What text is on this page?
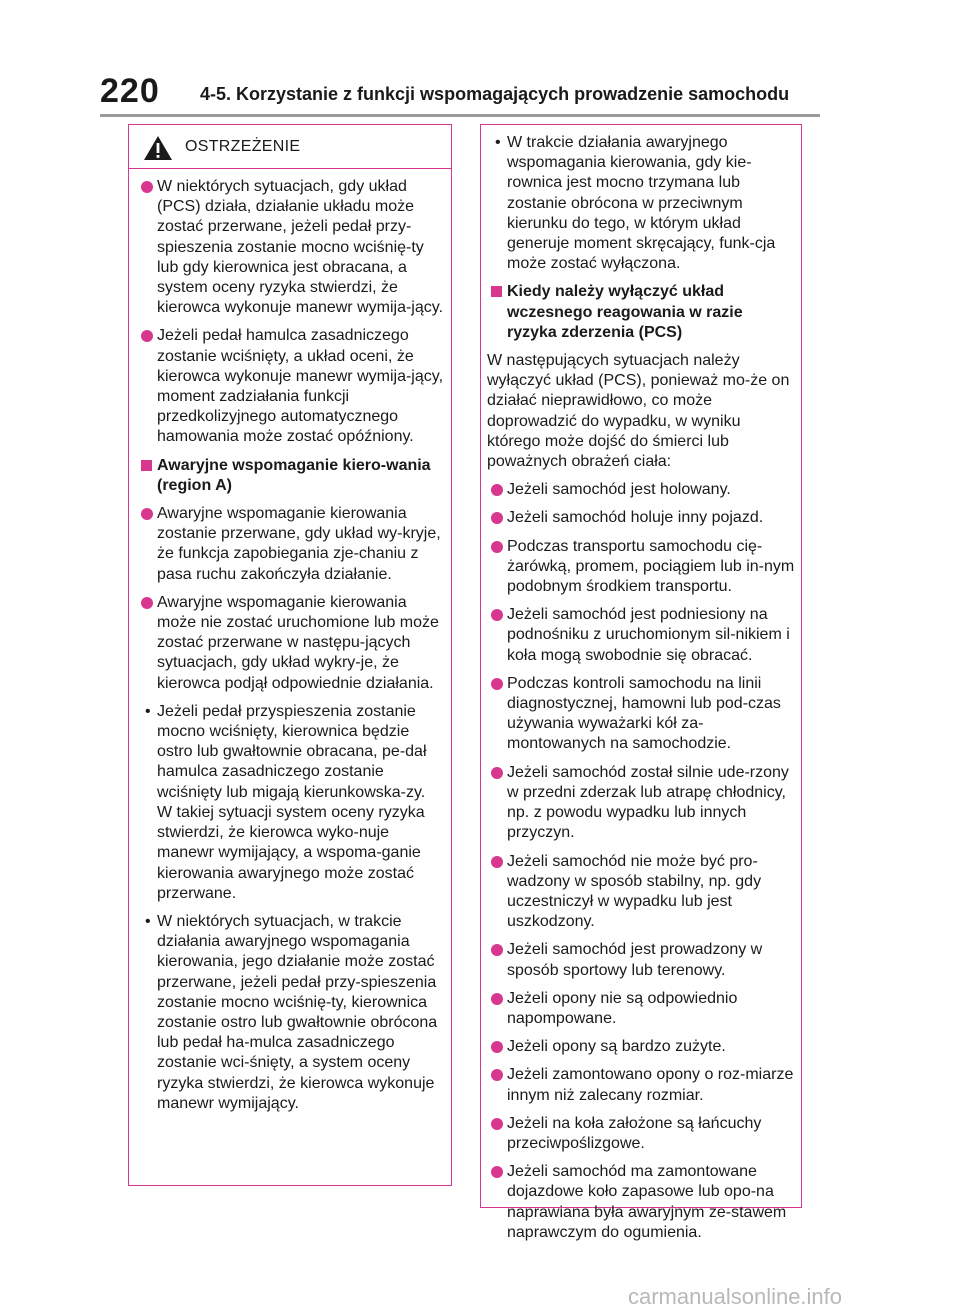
220 4-5. Korzystanie z funkcji wspomagających prowadzenie samochodu
OSTRZEŻENIE
W niektórych sytuacjach, gdy układ (PCS) działa, działanie układu może zostać przerwane, jeżeli pedał przy-spieszenia zostanie mocno wciśnię-ty lub gdy kierownica jest obracana, a system oceny ryzyka stwierdzi, że kierowca wykonuje manewr wymija-jący.
Jeżeli pedał hamulca zasadniczego zostanie wciśnięty, a układ oceni, że kierowca wykonuje manewr wymija-jący, moment zadziałania funkcji przedkolizyjnego automatycznego hamowania może zostać opóźniony.
Awaryjne wspomaganie kiero-wania (region A)
Awaryjne wspomaganie kierowania zostanie przerwane, gdy układ wy-kryje, że funkcja zapobiegania zje-chaniu z pasa ruchu zakończyła działanie.
Awaryjne wspomaganie kierowania może nie zostać uruchomione lub może zostać przerwane w następu-jących sytuacjach, gdy układ wykry-je, że kierowca podjął odpowiednie działania.
• Jeżeli pedał przyspieszenia zostanie mocno wciśnięty, kierownica będzie ostro lub gwałtownie obracana, pe-dał hamulca zasadniczego zostanie wciśnięty lub migają kierunkowska-zy. W takiej sytuacji system oceny ryzyka stwierdzi, że kierowca wyko-nuje manewr wymijający, a wspoma-ganie kierowania awaryjnego może zostać przerwane.
• W niektórych sytuacjach, w trakcie działania awaryjnego wspomagania kierowania, jego działanie może zostać przerwane, jeżeli pedał przy-spieszenia zostanie mocno wciśnię-ty, kierownica zostanie ostro lub gwałtownie obrócona lub pedał ha-mulca zasadniczego zostanie wci-śnięty, a system oceny ryzyka stwierdzi, że kierowca wykonuje manewr wymijający.
• W trakcie działania awaryjnego wspomagania kierowania, gdy kie-rownica jest mocno trzymana lub zostanie obrócona w przeciwnym kierunku do tego, w którym układ generuje moment skręcający, funk-cja może zostać wyłączona.
Kiedy należy wyłączyć układ wczesnego reagowania w razie ryzyka zderzenia (PCS)
W następujących sytuacjach należy wyłączyć układ (PCS), ponieważ mo-że on działać nieprawidłowo, co może doprowadzić do wypadku, w wyniku którego może dojść do śmierci lub poważnych obrażeń ciała:
Jeżeli samochód jest holowany.
Jeżeli samochód holuje inny pojazd.
Podczas transportu samochodu cię-żarówką, promem, pociągiem lub in-nym podobnym środkiem transportu.
Jeżeli samochód jest podniesiony na podnośniku z uruchomionym sil-nikiem i koła mogą swobodnie się obracać.
Podczas kontroli samochodu na linii diagnostycznej, hamowni lub pod-czas używania wyważarki kół za-montowanych na samochodzie.
Jeżeli samochód został silnie ude-rzony w przedni zderzak lub atrapę chłodnicy, np. z powodu wypadku lub innych przyczyn.
Jeżeli samochód nie może być pro-wadzony w sposób stabilny, np. gdy uczestniczył w wypadku lub jest uszkodzony.
Jeżeli samochód jest prowadzony w sposób sportowy lub terenowy.
Jeżeli opony nie są odpowiednio napompowane.
Jeżeli opony są bardzo zużyte.
Jeżeli zamontowano opony o roz-miarze innym niż zalecany rozmiar.
Jeżeli na koła założone są łańcuchy przeciwpoślizgowe.
Jeżeli samochód ma zamontowane dojazdowe koło zapasowe lub opo-na naprawiana była awaryjnym ze-stawem naprawczym do ogumienia.
carmanualsonline.info
